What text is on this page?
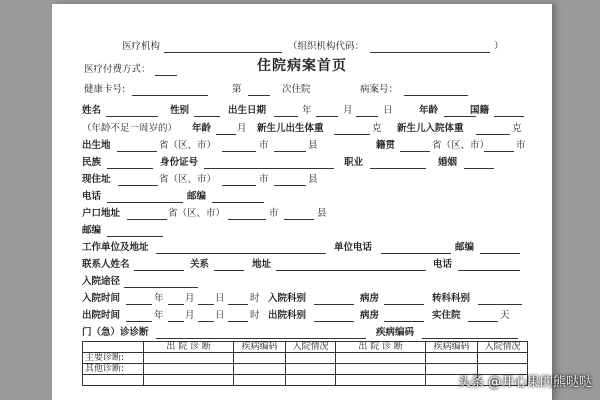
医疗机构	（组织机构代码：	）
医疗付费方式：	住院病案首页
健康卡号:	第	次住院	病案号：
姓名	性别	出生日期	年	月	日	年龄	国籍
（年龄不足一周岁的） 年龄	月 新生儿出生体重	克 新生儿入院体重	克
出生地	省（区、市）	市	县	籍贯	省（区、市）	市
民族	身份证号	职业	婚姻
现住址	省（区、市）	市	县
电话	邮编
户口地址	省（区、市）	市	县
邮编
工作单位及地址	单位电话	邮编
联系人姓名	关系	地址	电话
入院途径
入院时间	年 月 日	时 入院科别	病房	转科科别
出院时间	年 月 日	时 出院科别	病房	实住院	天
门（急）诊诊断	疾病编码
	出 院 诊 断	疾病编码	入院情况	出 院 诊 断	疾病编码	入院情况
主要诊断:						
其他诊断:						

头条 @开心果的熊哒哒
